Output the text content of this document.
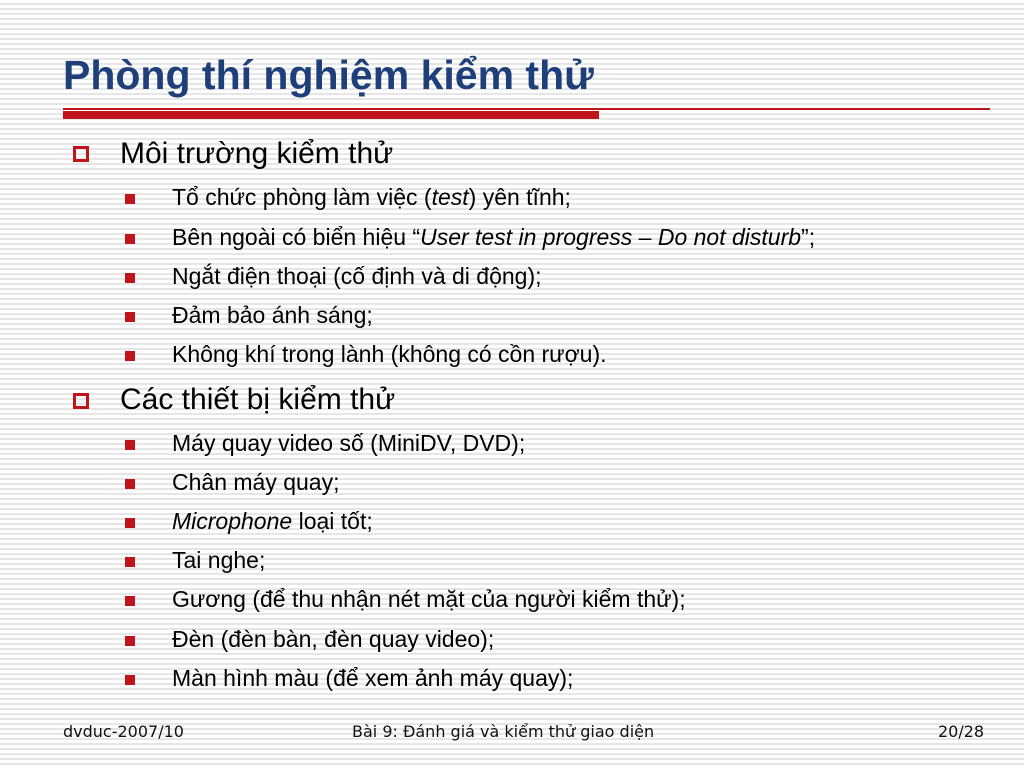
Phòng thí nghiệm kiểm thử
Môi trường kiểm thử
Tổ chức phòng làm việc (test) yên tĩnh;
Bên ngoài có biển hiệu “User test in progress – Do not disturb”;
Ngắt điện thoại (cố định và di động);
Đảm bảo ánh sáng;
Không khí trong lành (không có cồn rượu).
Các thiết bị kiểm thử
Máy quay video số (MiniDV, DVD);
Chân máy quay;
Microphone loại tốt;
Tai nghe;
Gương (để thu nhận nét mặt của người kiểm thử);
Đèn (đèn bàn, đèn quay video);
Màn hình màu (để xem ảnh máy quay);
dvduc-2007/10	Bài 9: Đánh giá và kiểm thử giao diện	20/28
